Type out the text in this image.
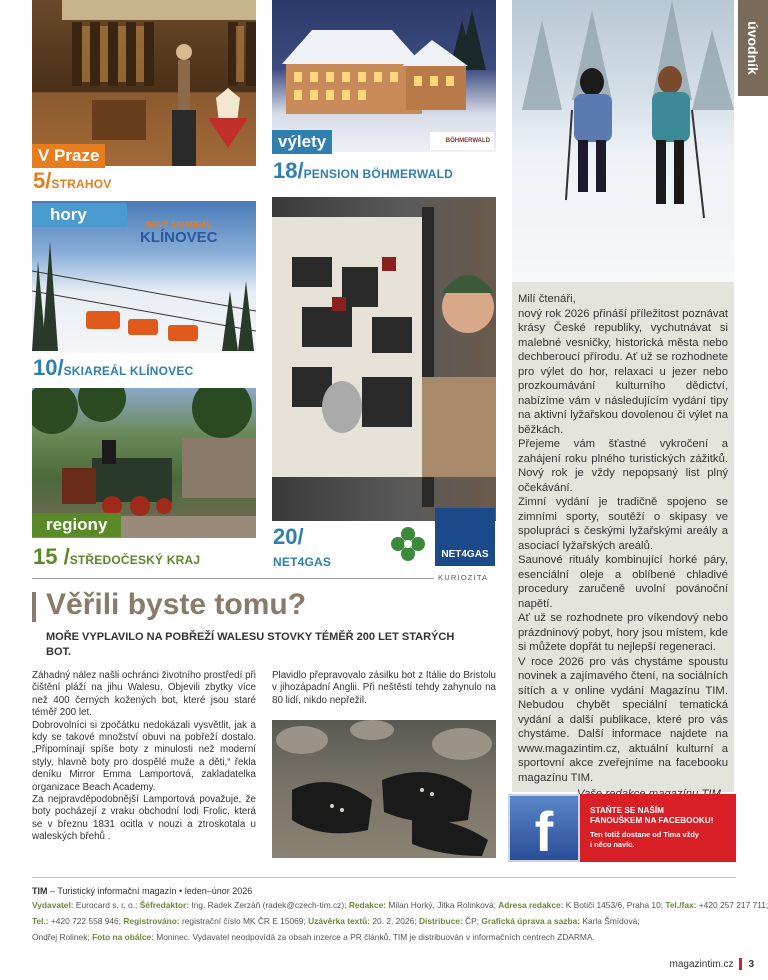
úvodník
V Praze
5/STRAHOV
výlety	BÖHMERWALD
18/PENSION BÖHMERWALD
hory
NOVÝ SKIAREÁL
KLÍNOVEC
10/SKIAREÁL KLÍNOVEC
20/
NET4GAS
NET4GAS
regiony
15 /STŘEDOČESKÝ KRAJ

Milí čtenáři,

nový rok 2026 přináší příležitost poznávat krásy České republiky, vychutnávat si malebné vesničky, historická města nebo dechberoucí přírodu. Ať už se rozhodnete pro výlet do hor, relaxaci u jezer nebo prozkoumávání kulturního dědictví, nabízíme vám v následujícím vydání tipy na aktivní lyžařskou dovolenou či výlet na běžkách.

Přejeme vám šťastné vykročení a zahájení roku plného turistických zážitků. Nový rok je vždy nepopsaný list plný očekávání.

Zimní vydání je tradičně spojeno se zimními sporty, soutěží o skipasy ve spolupráci s českými lyžařskými areály a asociací lyžařských areálů.

Saunové rituály kombinující horké páry, esenciální oleje a oblíbené chladivé procedury zaručeně uvolní povánoční napětí.

Ať už se rozhodnete pro víkendový nebo prázdninový pobyt, hory jsou místem, kde si můžete dopřát tu nejlepší regeneraci.

V roce 2026 pro vás chystáme spoustu novinek a zajímavého čtení, na sociálních sítích a v online vydání Magazínu TIM. Nebudou chybět speciální tematická vydání a další publikace, které pro vás chystáme. Další informace najdete na www.magazintim.cz, aktuální kulturní a sportovní akce zveřejníme na facebooku magazínu TIM.

f	STAŇTE SE NAŠÍM
FANOUŠKEM NA FACEBOOKU!
Ten totiž dostane od Tima vždy
i něco navíc.
KURIOZITA
Věřili byste tomu?
MOŘE VYPLAVILO NA POBŘEŽÍ WALESU STOVKY TÉMĚŘ 200 LET STARÝCH BOT.

Záhadný nález našli ochránci životního prostředí při čištění pláží na jihu Walesu. Objevili zbytky více než 400 černých kožených bot, které jsou staré téměř 200 let.

Dobrovolníci si zpočátku nedokázali vysvětlit, jak a kdy se takové množství obuvi na pobřeží dostalo. „Připomínají spíše boty z minulosti než moderní styly, hlavně boty pro dospělé muže a děti,“ řekla deníku Mirror Emma Lamportová, zakladatelka organizace Beach Academy.

Za nejpravděpodobnější Lamportová považuje, že boty pocházejí z vraku obchodní lodi Frolic, která se v březnu 1831 ocitla v nouzi a ztroskotala u waleských břehů .

Plavidlo přepravovalo zásilku bot z Itálie do Bristolu v jihozápadní Anglii. Při neštěstí tehdy zahynulo na 80 lidí, nikdo nepřežil.

TIM – Turistický informační magazín • leden–únor 2026
Vydavatel: Eurocard s. r. o.; Šéfredaktor: Ing. Radek Zerzáň (radek@czech-tim.cz); Redakce: Milan Horký, Jitka Rolinková; Adresa redakce: K Botiči 1453/6, Praha 10; Tel./fax: +420 257 217 711;
Tel.: +420 722 558 946; Registrováno: registrační číslo MK ČR E 15069; Uzávěrka textů: 20. 2. 2026; Distribuce: ČP; Grafická úprava a sazba: Karla Šmídová;
Ondřej Rolinek; Foto na obálce: Moninec. Vydavatel neodpovídá za obsah inzerce a PR článků. TIM je distribuován v informačních centrech ZDARMA.
magazintim.cz 3
